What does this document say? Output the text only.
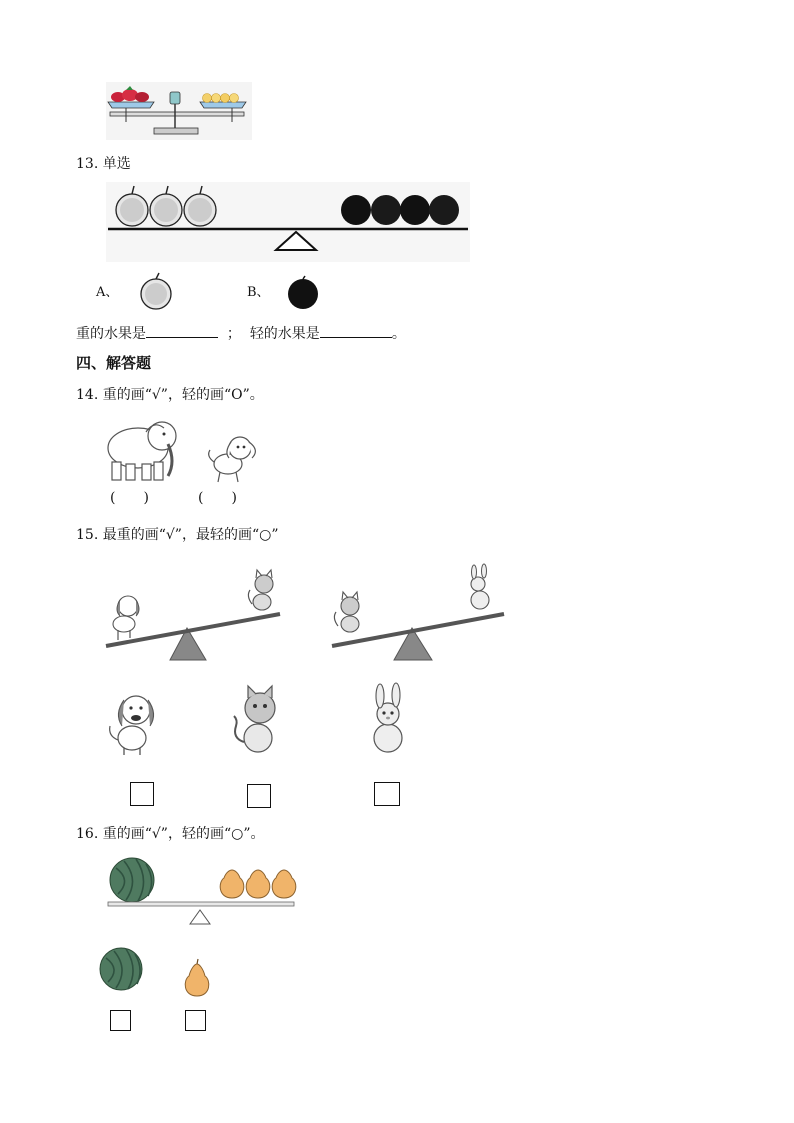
13. 单选
A、	B、
重的水果是	； 轻的水果是	。
四、解答题
14. 重的画“√”，轻的画“O”。
(　　)	(　　)
15. 最重的画“√”，最轻的画“○”
16. 重的画“√”，轻的画“○”。
